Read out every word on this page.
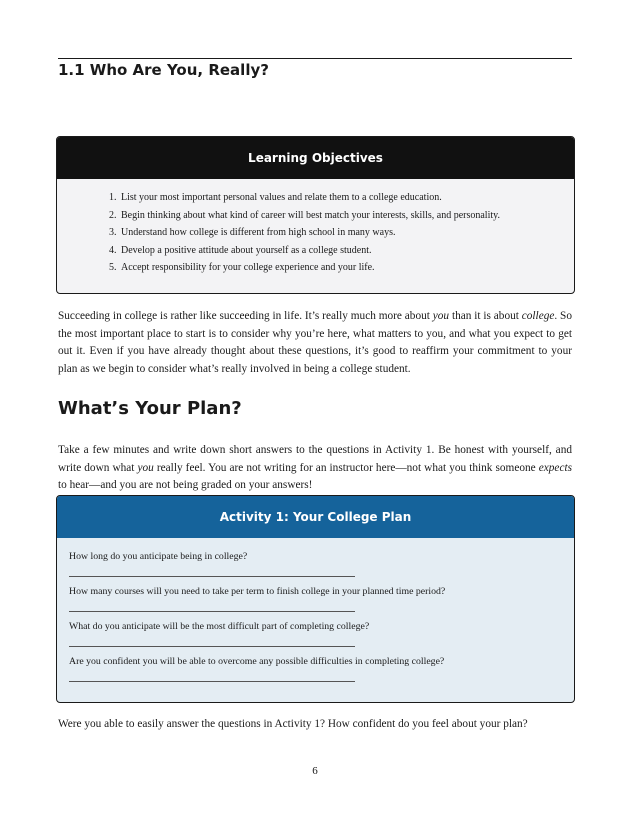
1.1 Who Are You, Really?
Learning Objectives
1. List your most important personal values and relate them to a college education.
2. Begin thinking about what kind of career will best match your interests, skills, and personality.
3. Understand how college is different from high school in many ways.
4. Develop a positive attitude about yourself as a college student.
5. Accept responsibility for your college experience and your life.

Succeeding in college is rather like succeeding in life. It’s really much more about you than it is about college. So the most important place to start is to consider why you’re here, what matters to you, and what you expect to get out it. Even if you have already thought about these questions, it’s good to reaffirm your commitment to your plan as we begin to consider what’s really involved in being a college student.

What’s Your Plan?

Take a few minutes and write down short answers to the questions in Activity 1. Be honest with yourself, and write down what you really feel. You are not writing for an instructor here—not what you think someone expects to hear—and you are not being graded on your answers!

Activity 1: Your College Plan
How long do you anticipate being in college?
How many courses will you need to take per term to finish college in your planned time period?
What do you anticipate will be the most difficult part of completing college?
Are you confident you will be able to overcome any possible difficulties in completing college?

Were you able to easily answer the questions in Activity 1? How confident do you feel about your plan?

6
